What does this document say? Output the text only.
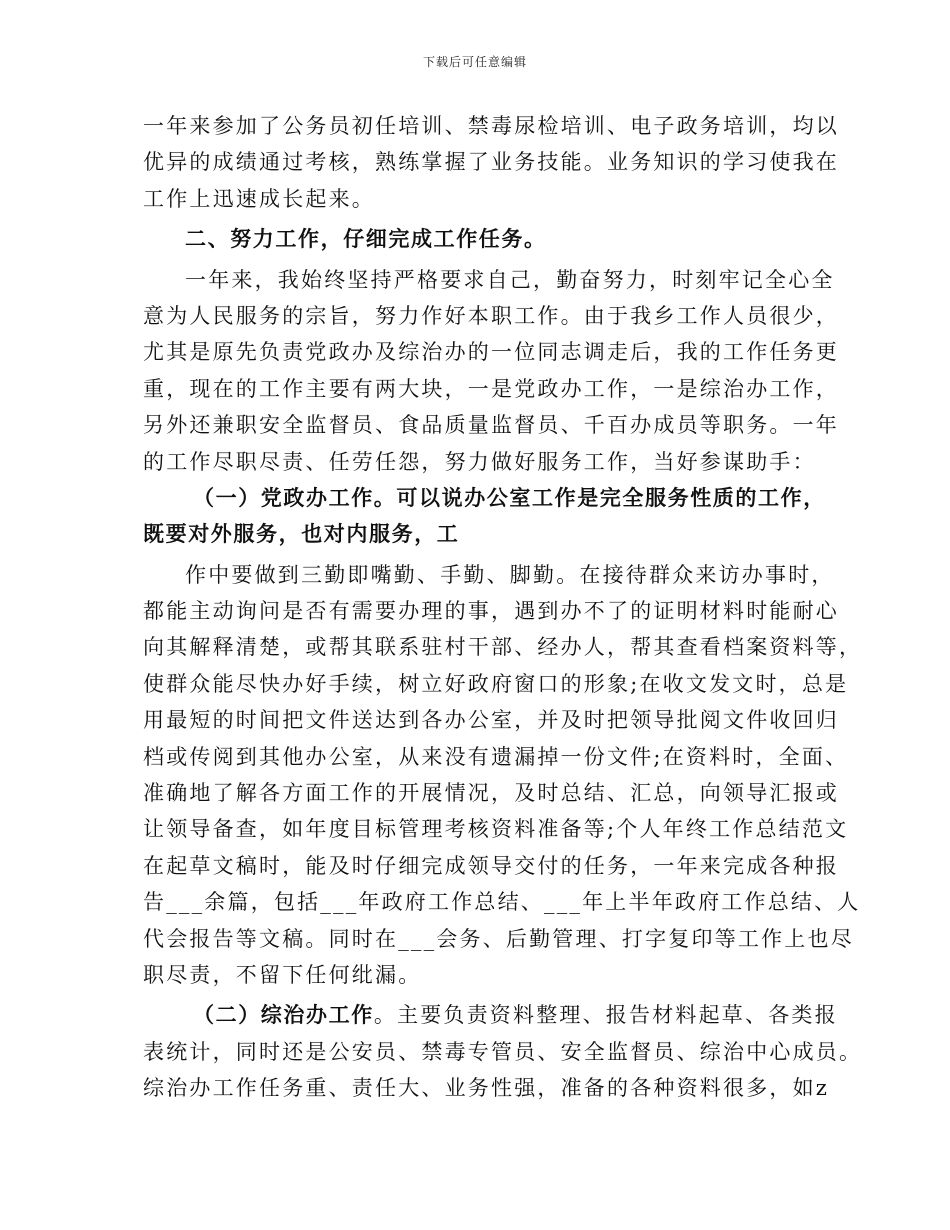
下载后可任意编辑
一年来参加了公务员初任培训、禁毒尿检培训、电子政务培训，均以
优异的成绩通过考核，熟练掌握了业务技能。业务知识的学习使我在
工作上迅速成长起来。
二、努力工作，仔细完成工作任务。
一年来，我始终坚持严格要求自己，勤奋努力，时刻牢记全心全
意为人民服务的宗旨，努力作好本职工作。由于我乡工作人员很少，
尤其是原先负责党政办及综治办的一位同志调走后，我的工作任务更
重，现在的工作主要有两大块，一是党政办工作，一是综治办工作，
另外还兼职安全监督员、食品质量监督员、千百办成员等职务。一年
的工作尽职尽责、任劳任怨，努力做好服务工作，当好参谋助手：
（一）党政办工作。可以说办公室工作是完全服务性质的工作，
既要对外服务，也对内服务，工
作中要做到三勤即嘴勤、手勤、脚勤。在接待群众来访办事时，
都能主动询问是否有需要办理的事，遇到办不了的证明材料时能耐心
向其解释清楚，或帮其联系驻村干部、经办人，帮其查看档案资料等，
使群众能尽快办好手续，树立好政府窗口的形象;在收文发文时，总是
用最短的时间把文件送达到各办公室，并及时把领导批阅文件收回归
档或传阅到其他办公室，从来没有遗漏掉一份文件;在资料时，全面、
准确地了解各方面工作的开展情况，及时总结、汇总，向领导汇报或
让领导备查，如年度目标管理考核资料准备等;个人年终工作总结范文
在起草文稿时，能及时仔细完成领导交付的任务，一年来完成各种报
告___余篇，包括___年政府工作总结、___年上半年政府工作总结、人
代会报告等文稿。同时在___会务、后勤管理、打字复印等工作上也尽
职尽责，不留下任何纰漏。
（二）综治办工作。主要负责资料整理、报告材料起草、各类报
表统计，同时还是公安员、禁毒专管员、安全监督员、综治中心成员。
综治办工作任务重、责任大、业务性强，准备的各种资料很多，如z
